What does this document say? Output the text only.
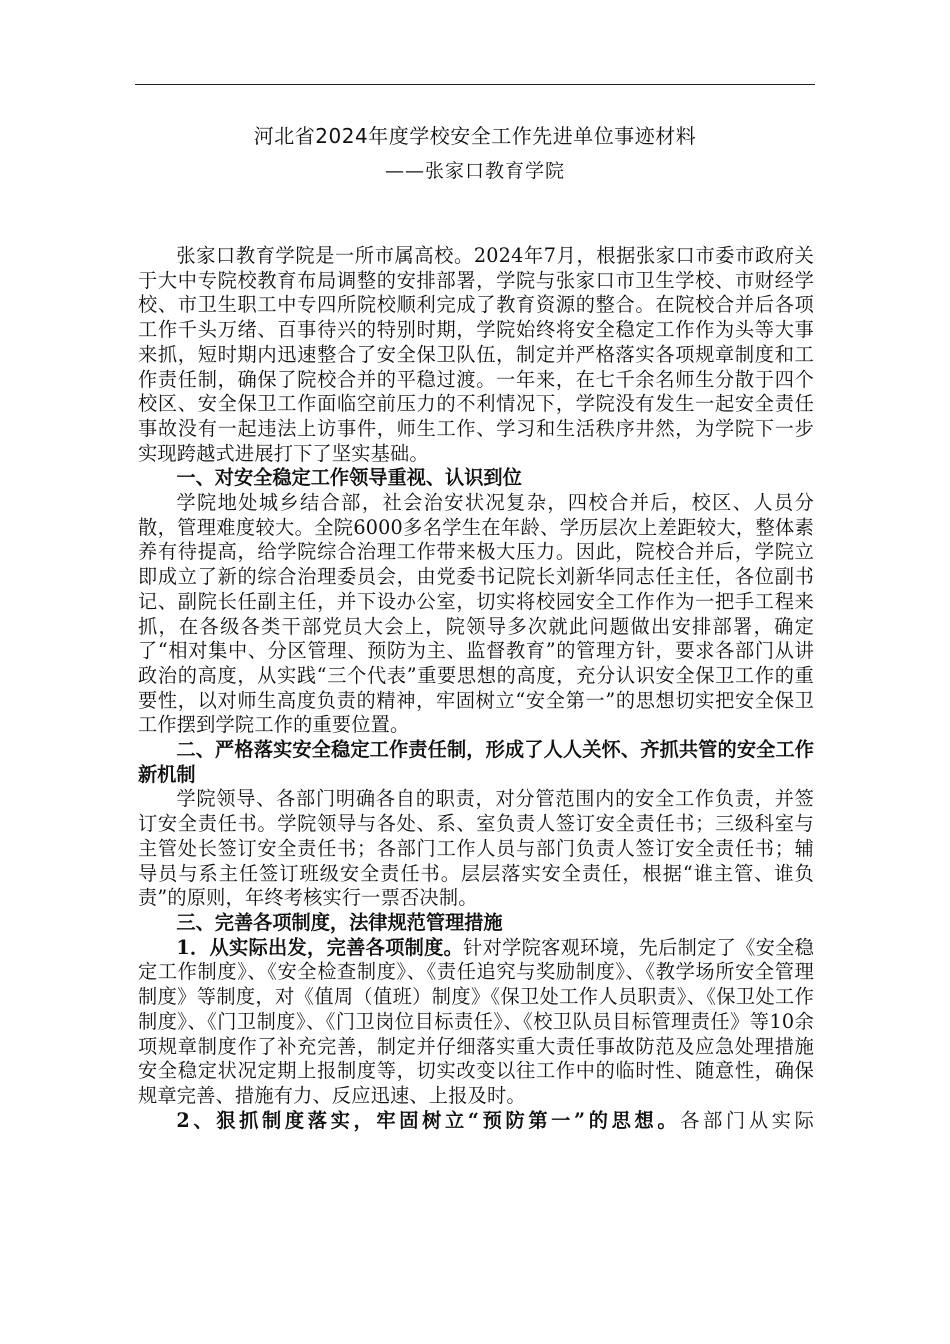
河北省2024年度学校安全工作先进单位事迹材料

——张家口教育学院

张家口教育学院是一所市属高校。2024年7月，根据张家口市委市政府关于大中专院校教育布局调整的安排部署，学院与张家口市卫生学校、市财经学校、市卫生职工中专四所院校顺利完成了教育资源的整合。在院校合并后各项工作千头万绪、百事待兴的特别时期，学院始终将安全稳定工作作为头等大事来抓，短时期内迅速整合了安全保卫队伍，制定并严格落实各项规章制度和工作责任制，确保了院校合并的平稳过渡。一年来，在七千余名师生分散于四个校区、安全保卫工作面临空前压力的不利情况下，学院没有发生一起安全责任事故没有一起违法上访事件，师生工作、学习和生活秩序井然，为学院下一步实现跨越式进展打下了坚实基础。

一、对安全稳定工作领导重视、认识到位

学院地处城乡结合部，社会治安状况复杂，四校合并后，校区、人员分散，管理难度较大。全院6000多名学生在年龄、学历层次上差距较大，整体素养有待提高，给学院综合治理工作带来极大压力。因此，院校合并后，学院立即成立了新的综合治理委员会，由党委书记院长刘新华同志任主任，各位副书记、副院长任副主任，并下设办公室，切实将校园安全工作作为一把手工程来抓，在各级各类干部党员大会上，院领导多次就此问题做出安排部署，确定了“相对集中、分区管理、预防为主、监督教育”的管理方针，要求各部门从讲政治的高度，从实践“三个代表”重要思想的高度，充分认识安全保卫工作的重要性，以对师生高度负责的精神，牢固树立“安全第一”的思想切实把安全保卫工作摆到学院工作的重要位置。

二、严格落实安全稳定工作责任制，形成了人人关怀、齐抓共管的安全工作新机制

学院领导、各部门明确各自的职责，对分管范围内的安全工作负责，并签订安全责任书。学院领导与各处、系、室负责人签订安全责任书；三级科室与主管处长签订安全责任书；各部门工作人员与部门负责人签订安全责任书；辅导员与系主任签订班级安全责任书。层层落实安全责任，根据“谁主管、谁负责”的原则，年终考核实行一票否决制。

三、完善各项制度，法律规范管理措施

1．从实际出发，完善各项制度。针对学院客观环境，先后制定了《安全稳定工作制度》、《安全检查制度》、《责任追究与奖励制度》、《教学场所安全管理制度》等制度，对《值周（值班）制度》《保卫处工作人员职责》、《保卫处工作制度》、《门卫制度》、《门卫岗位目标责任》、《校卫队员目标管理责任》等10余项规章制度作了补充完善，制定并仔细落实重大责任事故防范及应急处理措施安全稳定状况定期上报制度等，切实改变以往工作中的临时性、随意性，确保规章完善、措施有力、反应迅速、上报及时。

2、狠抓制度落实，牢固树立“预防第一”的思想。各部门从实际
